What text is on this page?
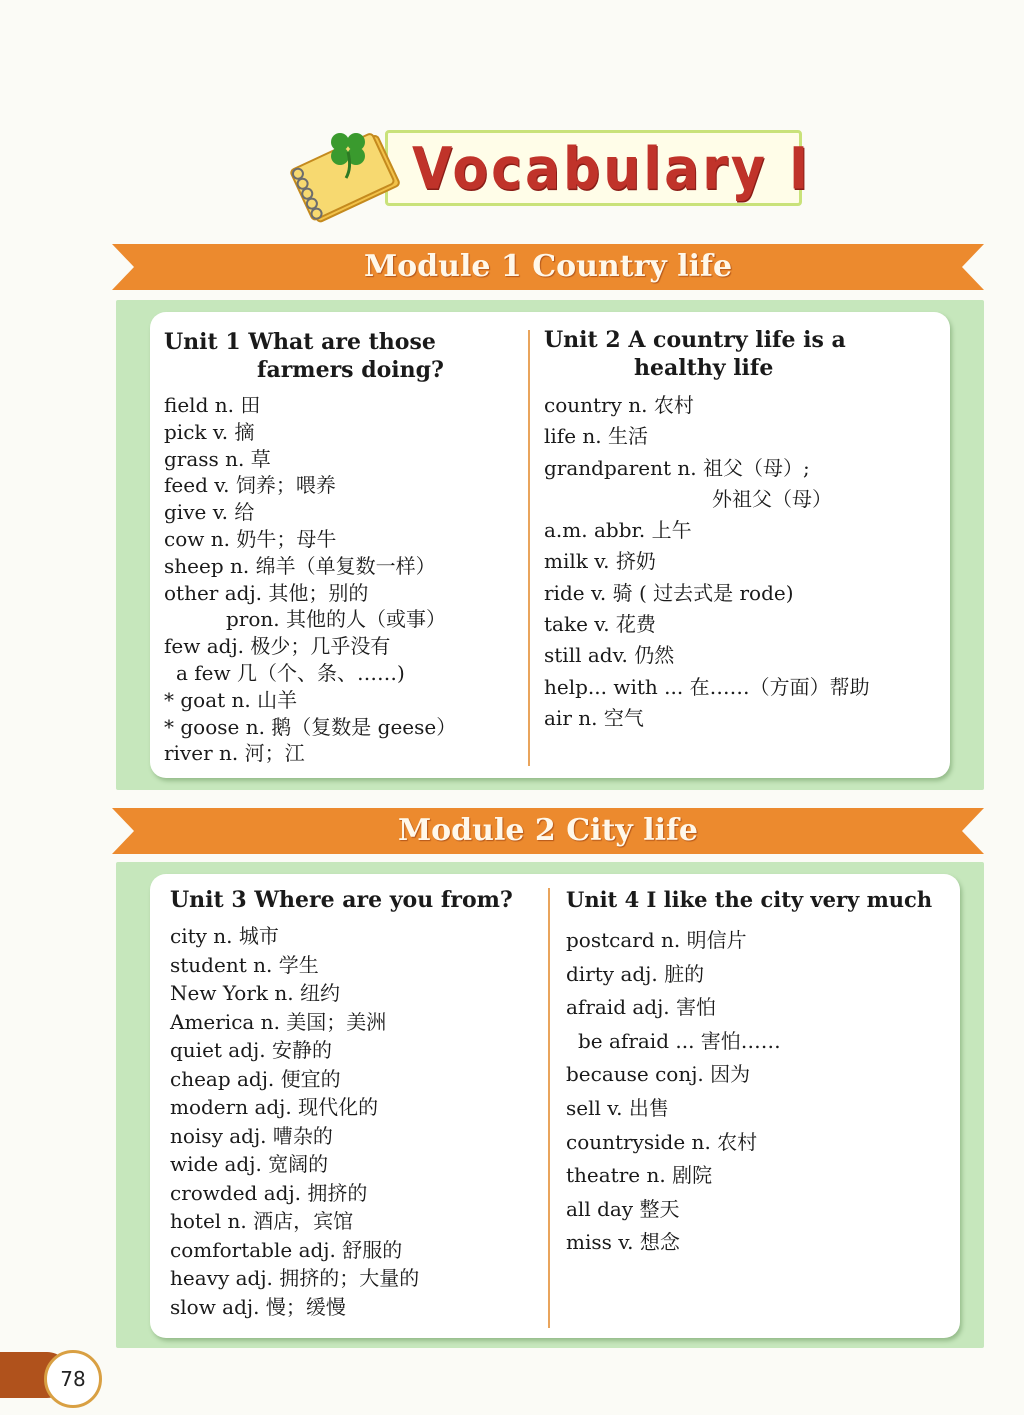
Vocabulary Ⅰ
Module 1 Country life
Unit 1 What are those
farmers doing?
field n. 田
pick v. 摘
grass n. 草
feed v. 饲养；喂养
give v. 给
cow n. 奶牛；母牛
sheep n. 绵羊（单复数一样）
other adj. 其他；别的
pron. 其他的人（或事）
few adj. 极少；几乎没有
a few 几（个、条、……)
* goat n. 山羊
* goose n. 鹅（复数是 geese）
river n. 河；江
Unit 2 A country life is a
healthy life
country n. 农村
life n. 生活
grandparent n. 祖父（母）;
外祖父（母）
a.m. abbr. 上午
milk v. 挤奶
ride v. 骑 ( 过去式是 rode)
take v. 花费
still adv. 仍然
help... with ... 在……（方面）帮助
air n. 空气
Module 2 City life
Unit 3 Where are you from?
city n. 城市
student n. 学生
New York n. 纽约
America n. 美国；美洲
quiet adj. 安静的
cheap adj. 便宜的
modern adj. 现代化的
noisy adj. 嘈杂的
wide adj. 宽阔的
crowded adj. 拥挤的
hotel n. 酒店，宾馆
comfortable adj. 舒服的
heavy adj. 拥挤的；大量的
slow adj. 慢；缓慢
Unit 4 I like the city very much
postcard n. 明信片
dirty adj. 脏的
afraid adj. 害怕
be afraid ... 害怕……
because conj. 因为
sell v. 出售
countryside n. 农村
theatre n. 剧院
all day 整天
miss v. 想念
78
